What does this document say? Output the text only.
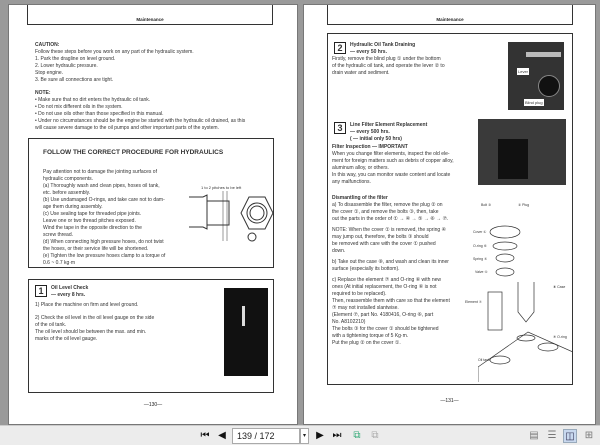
Maintenance
CAUTION:
Follow these steps before you work on any part of the hydraulic system.
1. Park the dragline on level ground.
2. Lower hydraulic pressure.
Stop engine.
3. Be sure all connections are tight.
NOTE:
• Make sure that no dirt enters the hydraulic oil tank.
• Do not mix different oils in the system.
• Do not use oils other than those specified in this manual.
• Under no circumstances should be the engine be started with the hydraulic oil drained, as this
will cause severe damage to the oil pumps and other important parts of the system.
FOLLOW THE CORRECT PROCEDURE FOR HYDRAULICS
Pay attention not to damage the jointing surfaces of
hydraulic components.
(a) Thoroughly wash and clean pipes, hoses oil tank,
etc. before assembly.
(b) Use undamaged O-rings, and take care not to dam-
age them during assembly.
(c) Use sealing tape for threaded pipe joints.
Leave one or two thread pitches exposed.
Wind the tape in the opposite direction to the
screw thread.
(d) When connecting high pressure hoses, do not twist
the hoses, or their service life will be shortened.
(e) Tighten the low pressure hoses clamp to a torque of
0.6 ~ 0.7 kg·m
1 to 2 pitches to be left
1 Oil Level Check
— every 8 hrs.
1) Place the machine on firm and level ground.
2) Check the oil level in the oil level gauge on the side
of the oil tank.
The oil level should be between the max. and min.
marks of the oil level gauge.
—130—
Maintenance
2 Hydraulic Oil Tank Draining
— every 50 hrs.
Firstly, remove the blind plug ① under the bottom
of the hydraulic oil tank, and operate the lever ② to
drain water and sediment.	Lever
Blind plug
3 Line Filter Element Replacement
— every 500 hrs.
( — initial only 50 hrs)
Filter Inspection — IMPORTANT
When you change filter elements, inspect the old ele-
ment for foreign matters such as debris of copper alloy,
aluminum alloy, or others.
In this way, you can monitor waste content and locate
any malfunctions.
Dismantling of the filter
a) To disassemble the filter, remove the plug ② on
the cover ①, and remove the bolts ③, then, take
out the parts in the order of ① → ④ → ⑤ → ⑥ → ⑦.
NOTE: When the cover ① is removed, the spring ④
may jump out, therefore, the bolts ③ should
be removed with care with the cover ① pushed
down.
b) Take out the case ⑧, and wash and clean its inner
surface (especially its bottom).
c) Replace the element ⑦ and O-ring ⑥ with new
ones (At initial replacement, the O-ring ⑥ is not
required to be replaced).
Then, reassemble them with care so that the element
⑦ may not installed slantwise.
(Element ⑦, part No. 4180416, O-ring ⑥, part
No. A8102210)
The bolts ③ for the cover ① should be tightened
with a tightening torque of 5 Kg·m.
Put the plug ② on the cover ①.
Bolt ③	② Plug
Cover ①
O-ring ⑥
Spring ④
Valve ⑤
⑧ Case
Element ⑦
⑨ O-ring
Oil tank
—131—
⏮ ◀	139 / 172	▾	▶ ⏭	⧉	⧉	▤ ☰ ◫ ⊞
